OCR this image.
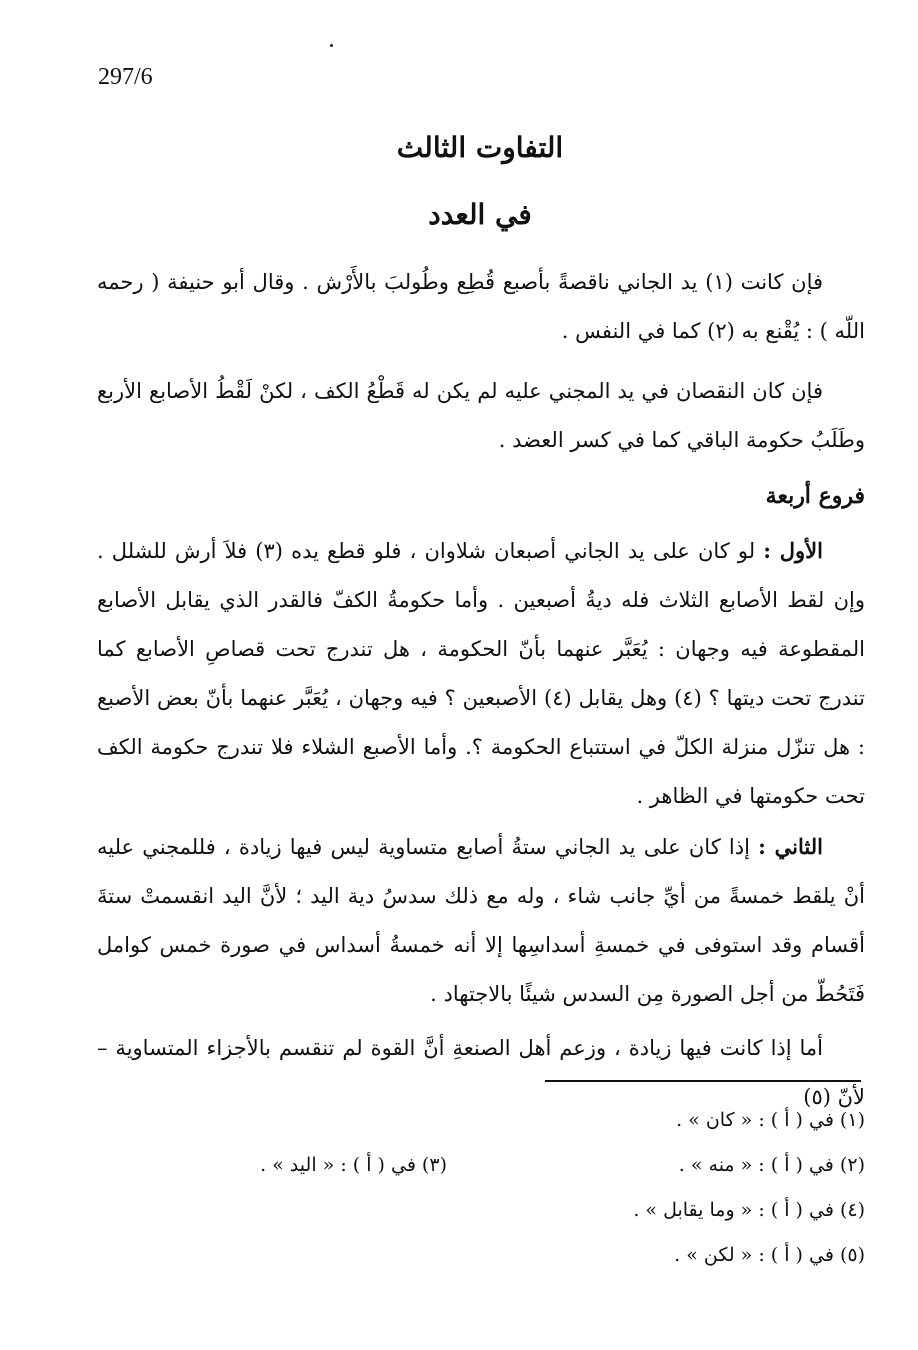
297/6
التفاوت الثالث
في العدد

فإن كانت (١) يد الجاني ناقصةً بأصبع قُطِع وطُولبَ بالأَرْش . وقال أبو حنيفة ( رحمه اللّه ) : يُقْنع به (٢) كما في النفس .

فإن كان النقصان في يد المجني عليه لم يكن له قَطْعُ الكف ، لكنْ لَقْطُ الأصابع الأربع وطَلَبُ حكومة الباقي كما في كسر العضد .

فروع أربعة

الأول : لو كان على يد الجاني أصبعان شلاوان ، فلو قطع يده (٣) فلاَ أرش للشلل . وإن لقط الأصابع الثلاث فله ديةُ أصبعين . وأما حكومةُ الكفّ فالقدر الذي يقابل الأصابع المقطوعة فيه وجهان : يُعَبَّر عنهما بأنّ الحكومة ، هل تندرج تحت قصاصِ الأصابع كما تندرج تحت ديتها ؟ (٤) وهل يقابل (٤) الأصبعين ؟ فيه وجهان ، يُعَبَّر عنهما بأنّ بعض الأصبع : هل تنزّل منزلة الكلّ في استتباع الحكومة ؟. وأما الأصبع الشلاء فلا تندرج حكومة الكف تحت حكومتها في الظاهر .

الثاني : إذا كان على يد الجاني ستةُ أصابع متساوية ليس فيها زيادة ، فللمجني عليه أنْ يلقط خمسةً من أيِّ جانب شاء ، وله مع ذلك سدسُ دية اليد ؛ لأنَّ اليد انقسمتْ ستةَ أقسام وقد استوفى في خمسةِ أسداسِها إلا أنه خمسةُ أسداس في صورة خمس كوامل فَتَحُطّ من أجل الصورة مِن السدس شيئًا بالاجتهاد .

أما إذا كانت فيها زيادة ، وزعم أهل الصنعةِ أنَّ القوة لم تنقسم بالأجزاء المتساوية – لأنّ (٥)

(١) في ( أ ) : « كان » .
(٢) في ( أ ) : « منه » .
(٣) في ( أ ) : « اليد » .
(٤) في ( أ ) : « وما يقابل » .
(٥) في ( أ ) : « لكن » .
